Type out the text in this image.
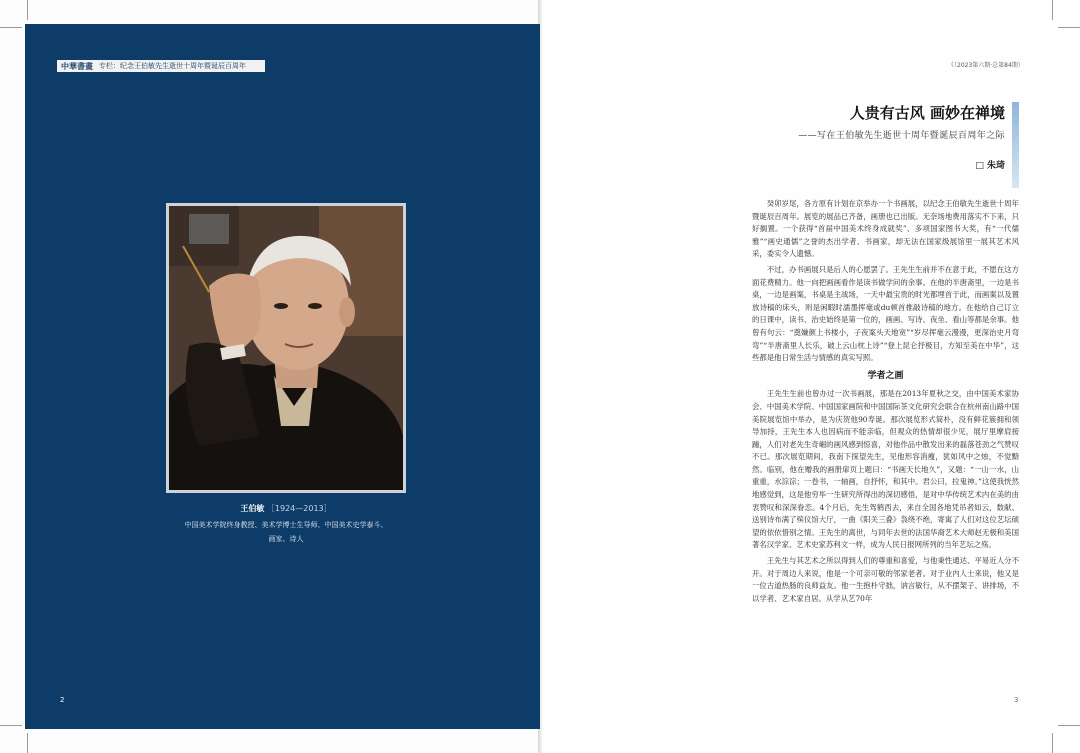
中華書畫 专栏：纪念王伯敏先生逝世十周年暨诞辰百周年
王伯敏 ［1924—2013］
中国美术学院终身教授、美术学博士生导师、中国美术史学泰斗、
画家、诗人
2
《（2023第六期·总第84期）
人贵有古风 画妙在禅境
——写在王伯敏先生逝世十周年暨诞辰百周年之际
□ 朱琦

癸卯岁尾，各方原有计划在京举办一个书画展，以纪念王伯敏先生逝世十周年暨诞辰百周年。展览的展品已齐备，画册也已出版。无奈场地费用落实不下来，只好搁置。一个获得“首届中国美术终身成就奖”、多项国家图书大奖，有“一代儒雅”“画史通儒”之誉的杰出学者、书画家，却无法在国家级展馆里一展其艺术风采，委实令人遗憾。

不过，办书画展只是后人的心愿罢了。王先生生前并不在意于此，不愿在这方面花费精力。他一向把画画看作是读书做学问的余事。在他的半唐斋里，一边是书桌，一边是画案，书桌是主战场，一天中最宝贵的时光都埋首于此，而画案以及置放诗稿的床头，则是闲暇时濡墨挥毫或du顿首推敲诗稿的地方。在他给自己订立的日课中，读书、治史始终是第一位的，画画、写诗、夜坐、看山等都是余事。他曾有句云：“奠嫌颜上书楼小，子夜案头天地宽”“岁尽挥毫云漫漫，更深治史月弯弯”“半唐斋里人长乐，破上云山枕上诗”“登上昆仑抒极目，方知至美在中华”，这些都是他日常生活与情感的真实写照。

学者之画

王先生生前也曾办过一次书画展，那是在2013年夏秋之交，由中国美术家协会、中国美术学院、中国国家画院和中国国际茶文化研究会联合在杭州南山路中国美院展览馆中举办，是为庆贺他90寿诞。那次展览形式简朴，没有鲜花簇拥和领导加持，王先生本人也因病而不能亲临，但观众的热情却很少见，展厅里摩肩接踵，人们对老先生奇崛的画风感到惊喜，对他作品中散发出来的磊落苍劲之气赞叹不已。那次展览期间，我南下探望先生，见他形容消瘦，犹如风中之烛，不觉黯然。临别，他在赠我的画册扉页上题曰：“书画天长地久”，又题：“一山一水，山重重，水淙淙；一卷书，一轴画，自抒怀，和其中。君公曰，拉鬼神。”这使我恍然地感觉到，这是他穷毕一生研究所得出的深切感悟，是对中华传统艺术内在美的由衷赞叹和深深眷恋。4个月后，先生驾鹤西去，来自全国各地凭吊者如云，数献、送别诗布满了殡仪馆大厅，一曲《阳关三叠》袅绕不绝，寄寓了人们对这位艺坛硕望的依依惜别之情。王先生的离世，与同年去世的法国华裔艺术大师赵无极和美国著名汉学家、艺术史家苏利文一样，成为人民日报网所列的当年艺坛之殇。

王先生与其艺术之所以得到人们的尊重和喜爱，与他秉性通达、平易近人分不开。对于周边人来说，他是一个可亲可敬的邻家老者。对于业内人士来说，他又是一位古道热肠的良师益友。他一生抱朴守拙，讷言敏行，从不摆架子、讲排场，不以学者、艺术家自居。从学从艺70年

3
